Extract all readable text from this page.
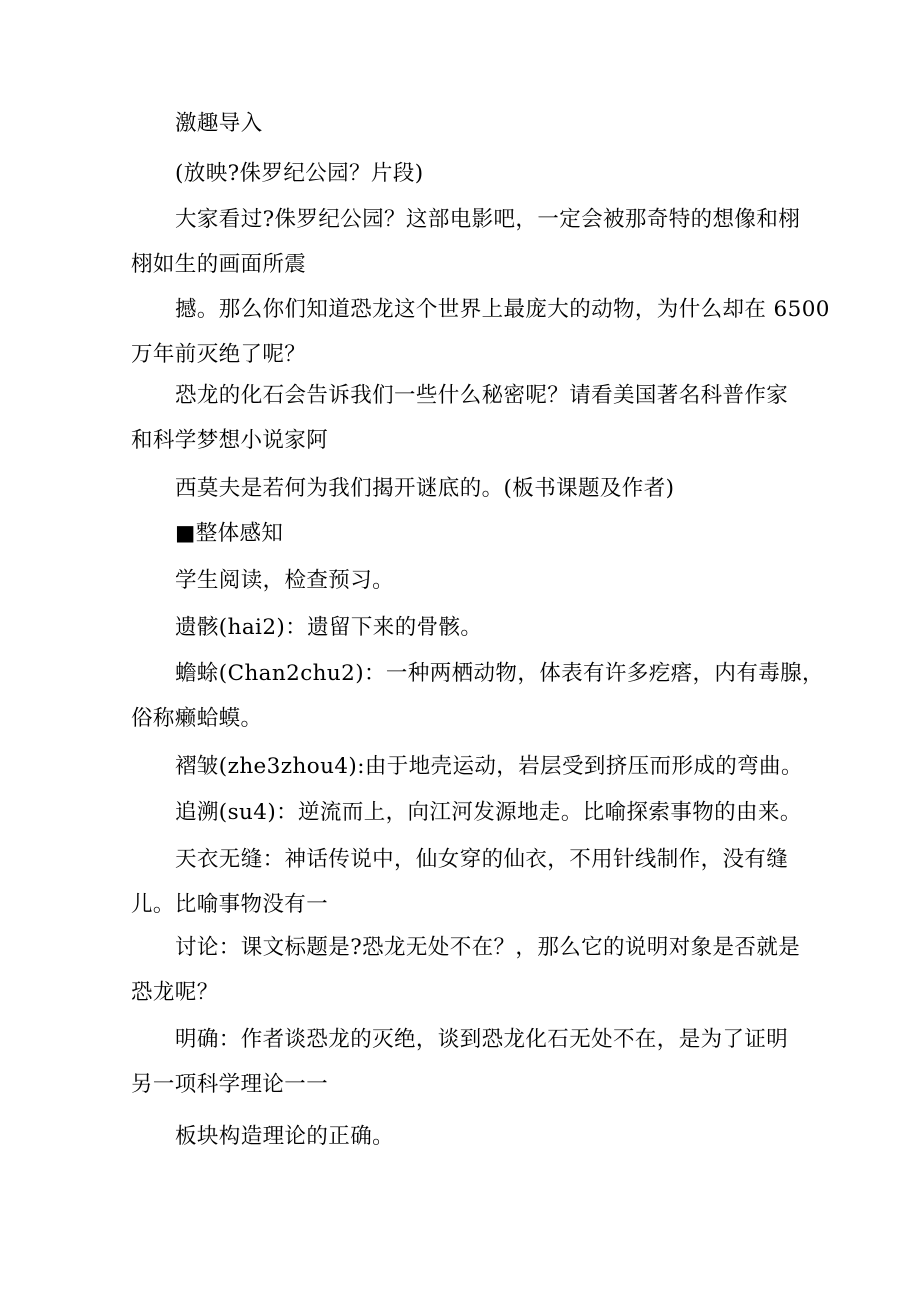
激趣导入
(放映?侏罗纪公园？片段)
大家看过?侏罗纪公园？这部电影吧，一定会被那奇特的想像和栩
栩如生的画面所震
撼。那么你们知道恐龙这个世界上最庞大的动物，为什么却在 6500
万年前灭绝了呢？
恐龙的化石会告诉我们一些什么秘密呢？请看美国著名科普作家
和科学梦想小说家阿
西莫夫是若何为我们揭开谜底的。(板书课题及作者)
■整体感知
学生阅读，检查预习。
遗骸(hai2)：遗留下来的骨骸。
蟾蜍(Chan2chu2)：一种两栖动物，体表有许多疙瘩，内有毒腺，
俗称癞蛤蟆。
褶皱(zhe3zhou4):由于地壳运动，岩层受到挤压而形成的弯曲。
追溯(su4)：逆流而上，向江河发源地走。比喻探索事物的由来。
天衣无缝：神话传说中，仙女穿的仙衣，不用针线制作，没有缝
儿。比喻事物没有一
讨论：课文标题是?恐龙无处不在？，那么它的说明对象是否就是
恐龙呢？
明确：作者谈恐龙的灭绝，谈到恐龙化石无处不在，是为了证明
另一项科学理论一一
板块构造理论的正确。
